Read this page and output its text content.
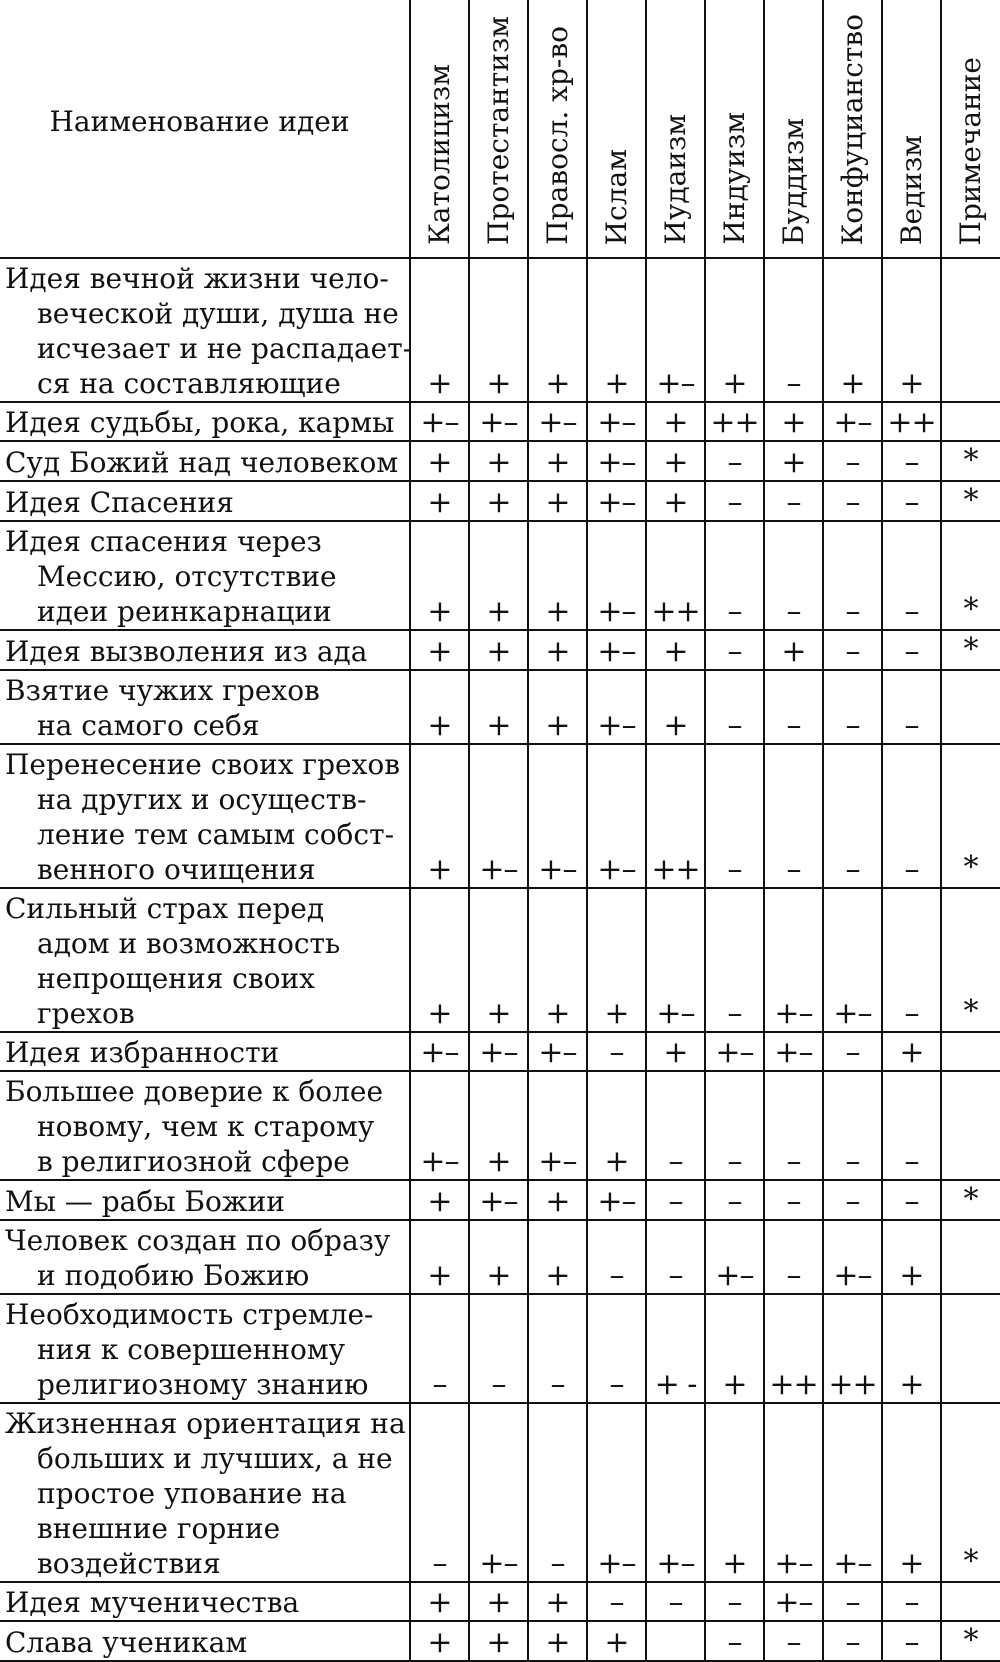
Наименование идеи	Католицизм	Протестантизм	Правосл. хр-во	Ислам	Иудаизм	Индуизм	Буддизм	Конфуцианство	Ведизм	Примечание

Идея вечной жизни чело-
веческой души, душа не
исчезает и не распадает-
ся на составляющие	+	+	+	+	+–	+	–	+	+	

Идея судьбы, рока, кармы	+–	+–	+–	+–	+	++	+	+–	++	

Суд Божий над человеком	+	+	+	+–	+	–	+	–	–	*

Идея Спасения	+	+	+	+–	+	–	–	–	–	*

Идея спасения через
Мессию, отсутствие
идеи реинкарнации	+	+	+	+–	++	–	–	–	–	*

Идея вызволения из ада	+	+	+	+–	+	–	+	–	–	*

Взятие чужих грехов
на самого себя	+	+	+	+–	+	–	–	–	–	

Перенесение своих грехов
на других и осуществ-
ление тем самым собст-
венного очищения	+	+–	+–	+–	++	–	–	–	–	*

Сильный страх перед
адом и возможность
непрощения своих
грехов	+	+	+	+	+–	–	+–	+–	–	*

Идея избранности	+–	+–	+–	–	+	+–	+–	–	+	

Большее доверие к более
новому, чем к старому
в религиозной сфере	+–	+	+–	+	–	–	–	–	–	

Мы — рабы Божии	+	+–	+	+–	–	–	–	–	–	*

Человек создан по образу
и подобию Божию	+	+	+	–	–	+–	–	+–	+	

Необходимость стремле-
ния к совершенному
религиозному знанию	–	–	–	–	+ -	+	++	++	+	

Жизненная ориентация на
больших и лучших, а не
простое упование на
внешние горние
воздействия	–	+–	–	+–	+–	+	+–	+–	+	*

Идея мученичества	+	+	+	–	–	–	+–	–	–	

Слава ученикам	+	+	+	+		–	–	–	–	*
